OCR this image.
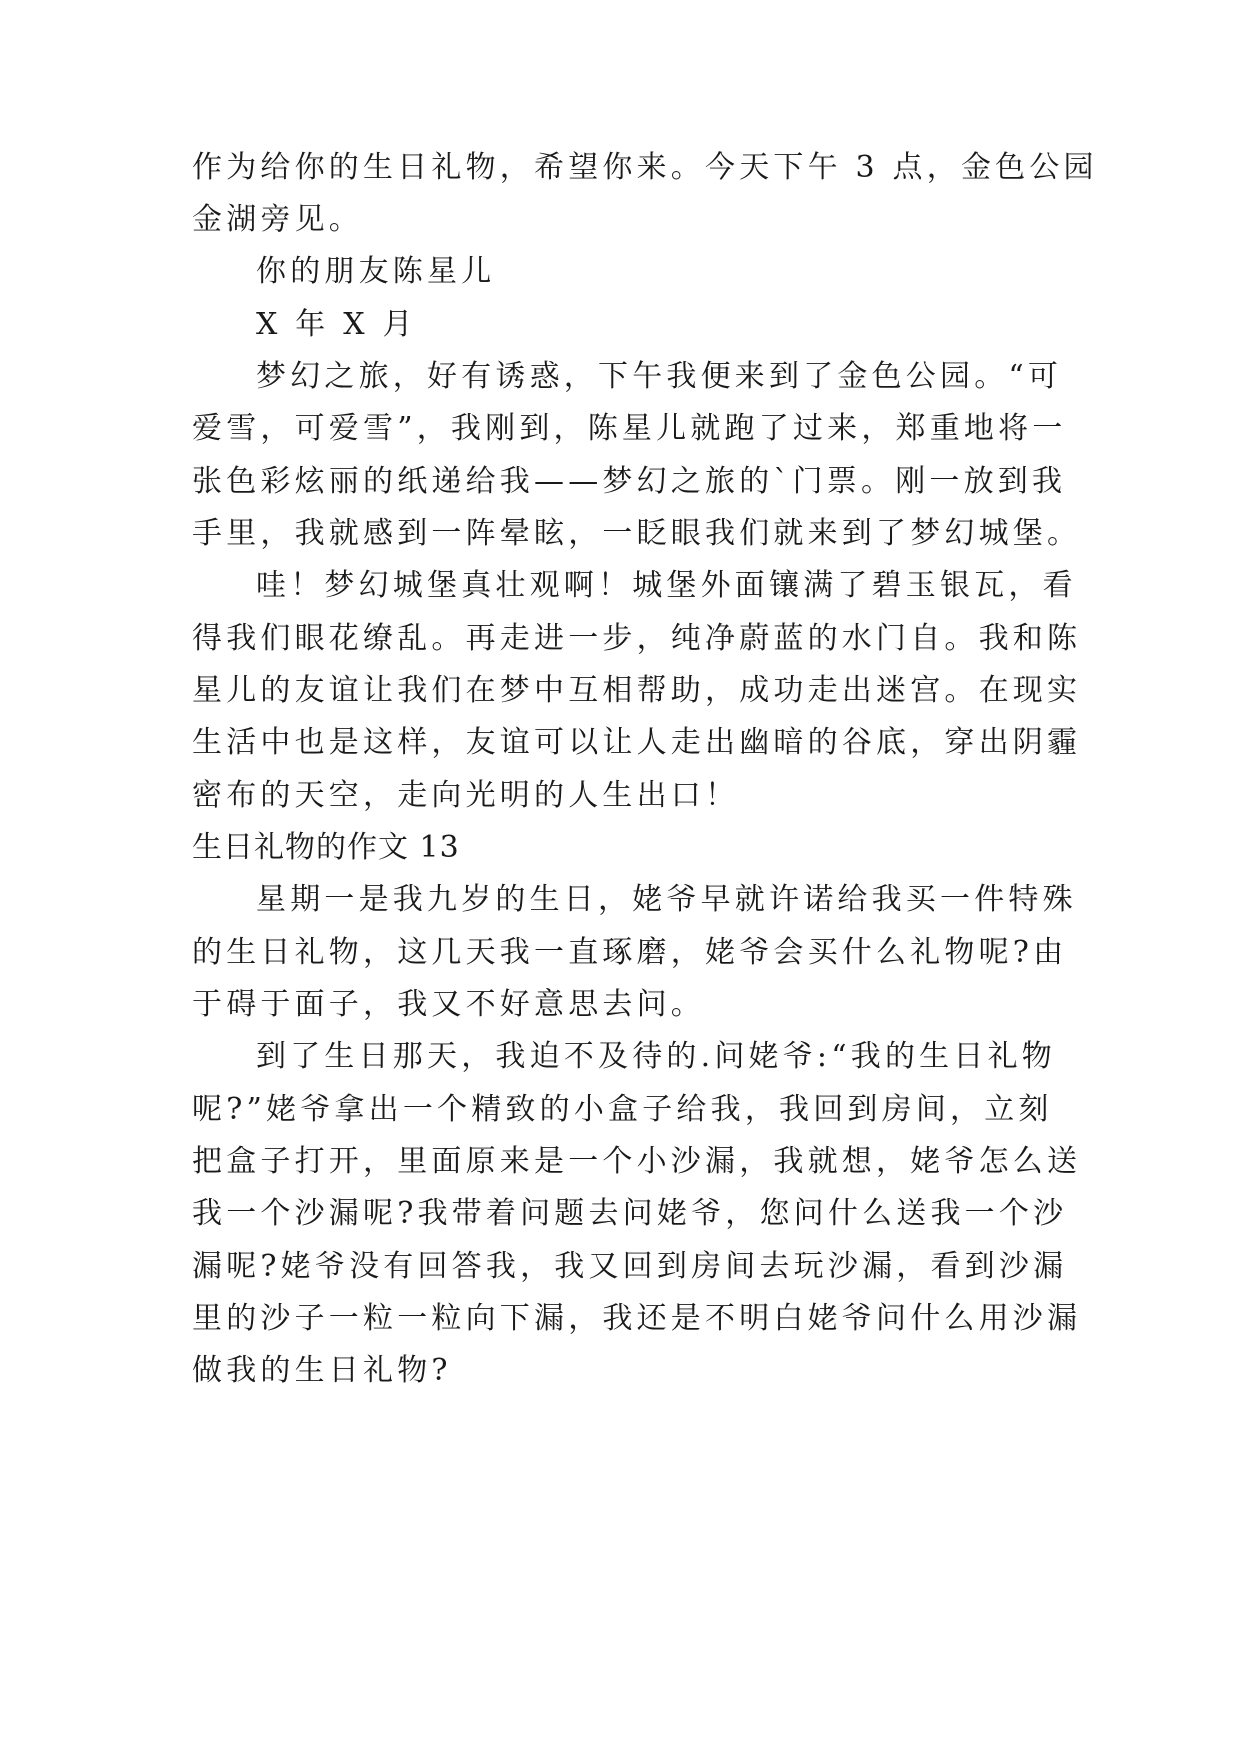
作为给你的生日礼物，希望你来。今天下午 3 点，金色公园
金湖旁见。
你的朋友陈星儿
X 年 X 月
梦幻之旅，好有诱惑，下午我便来到了金色公园。“可
爱雪，可爱雪”，我刚到，陈星儿就跑了过来，郑重地将一
张色彩炫丽的纸递给我——梦幻之旅的`门票。刚一放到我
手里，我就感到一阵晕眩，一眨眼我们就来到了梦幻城堡。
哇！梦幻城堡真壮观啊！城堡外面镶满了碧玉银瓦，看
得我们眼花缭乱。再走进一步，纯净蔚蓝的水门自。我和陈
星儿的友谊让我们在梦中互相帮助，成功走出迷宫。在现实
生活中也是这样，友谊可以让人走出幽暗的谷底，穿出阴霾
密布的天空，走向光明的人生出口！
生日礼物的作文 13
星期一是我九岁的生日，姥爷早就许诺给我买一件特殊
的生日礼物，这几天我一直琢磨，姥爷会买什么礼物呢?由
于碍于面子，我又不好意思去问。
到了生日那天，我迫不及待的.问姥爷:“我的生日礼物
呢?”姥爷拿出一个精致的小盒子给我，我回到房间，立刻
把盒子打开，里面原来是一个小沙漏，我就想，姥爷怎么送
我一个沙漏呢?我带着问题去问姥爷，您问什么送我一个沙
漏呢?姥爷没有回答我，我又回到房间去玩沙漏，看到沙漏
里的沙子一粒一粒向下漏，我还是不明白姥爷问什么用沙漏
做我的生日礼物?
